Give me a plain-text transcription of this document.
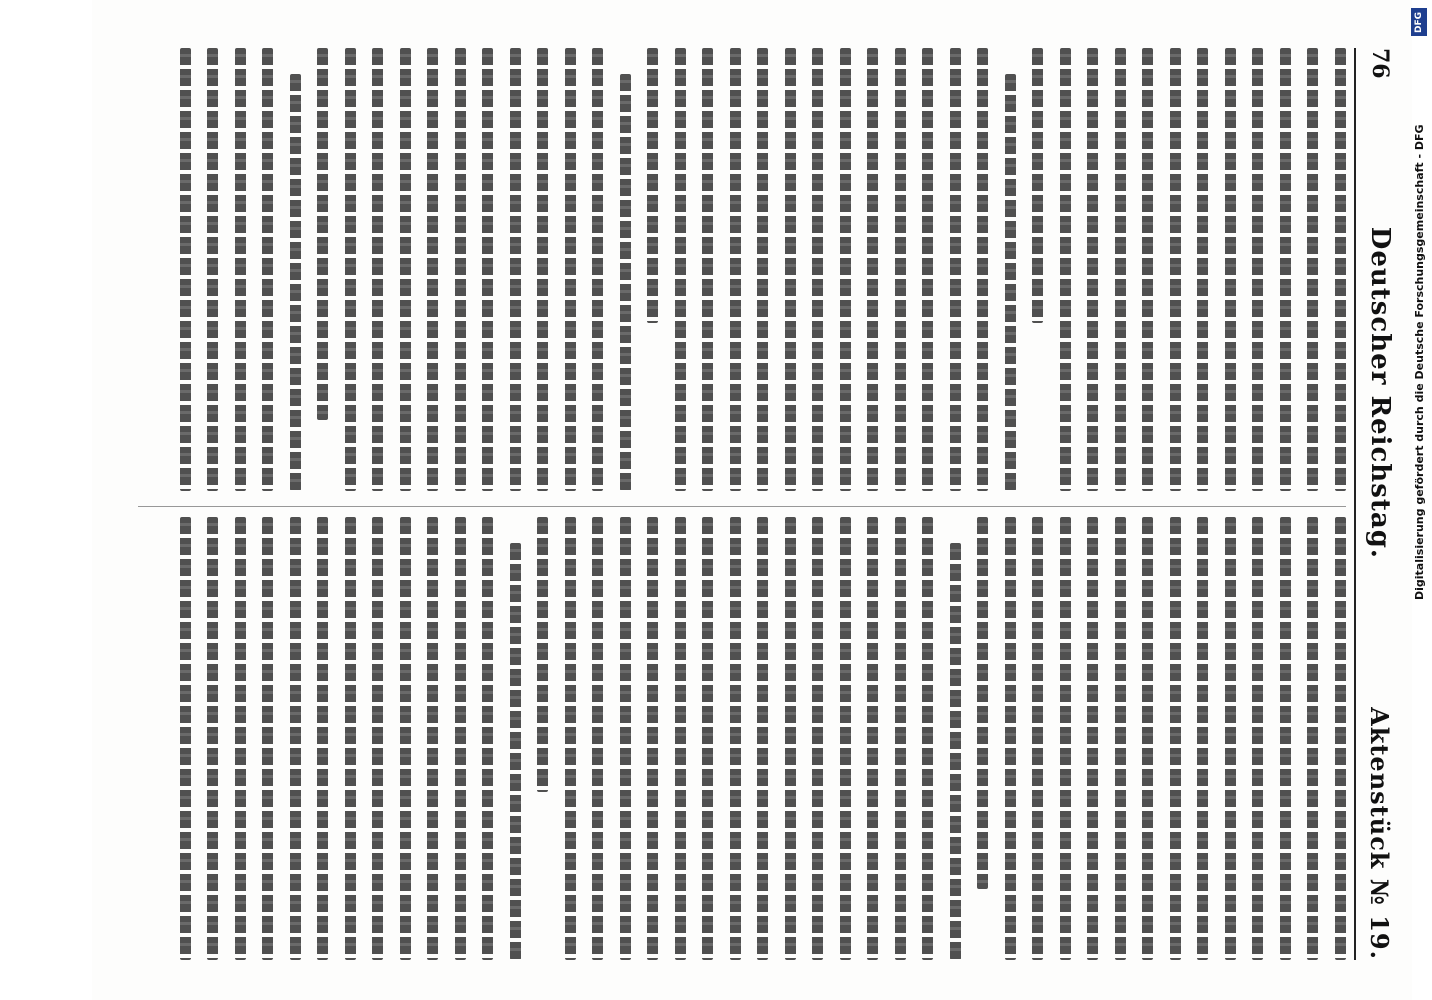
76
Deutscher Reichstag.
Aktenstück № 19.
DFG
Digitalisierung gefördert durch die Deutsche Forschungsgemeinschaft - DFG
